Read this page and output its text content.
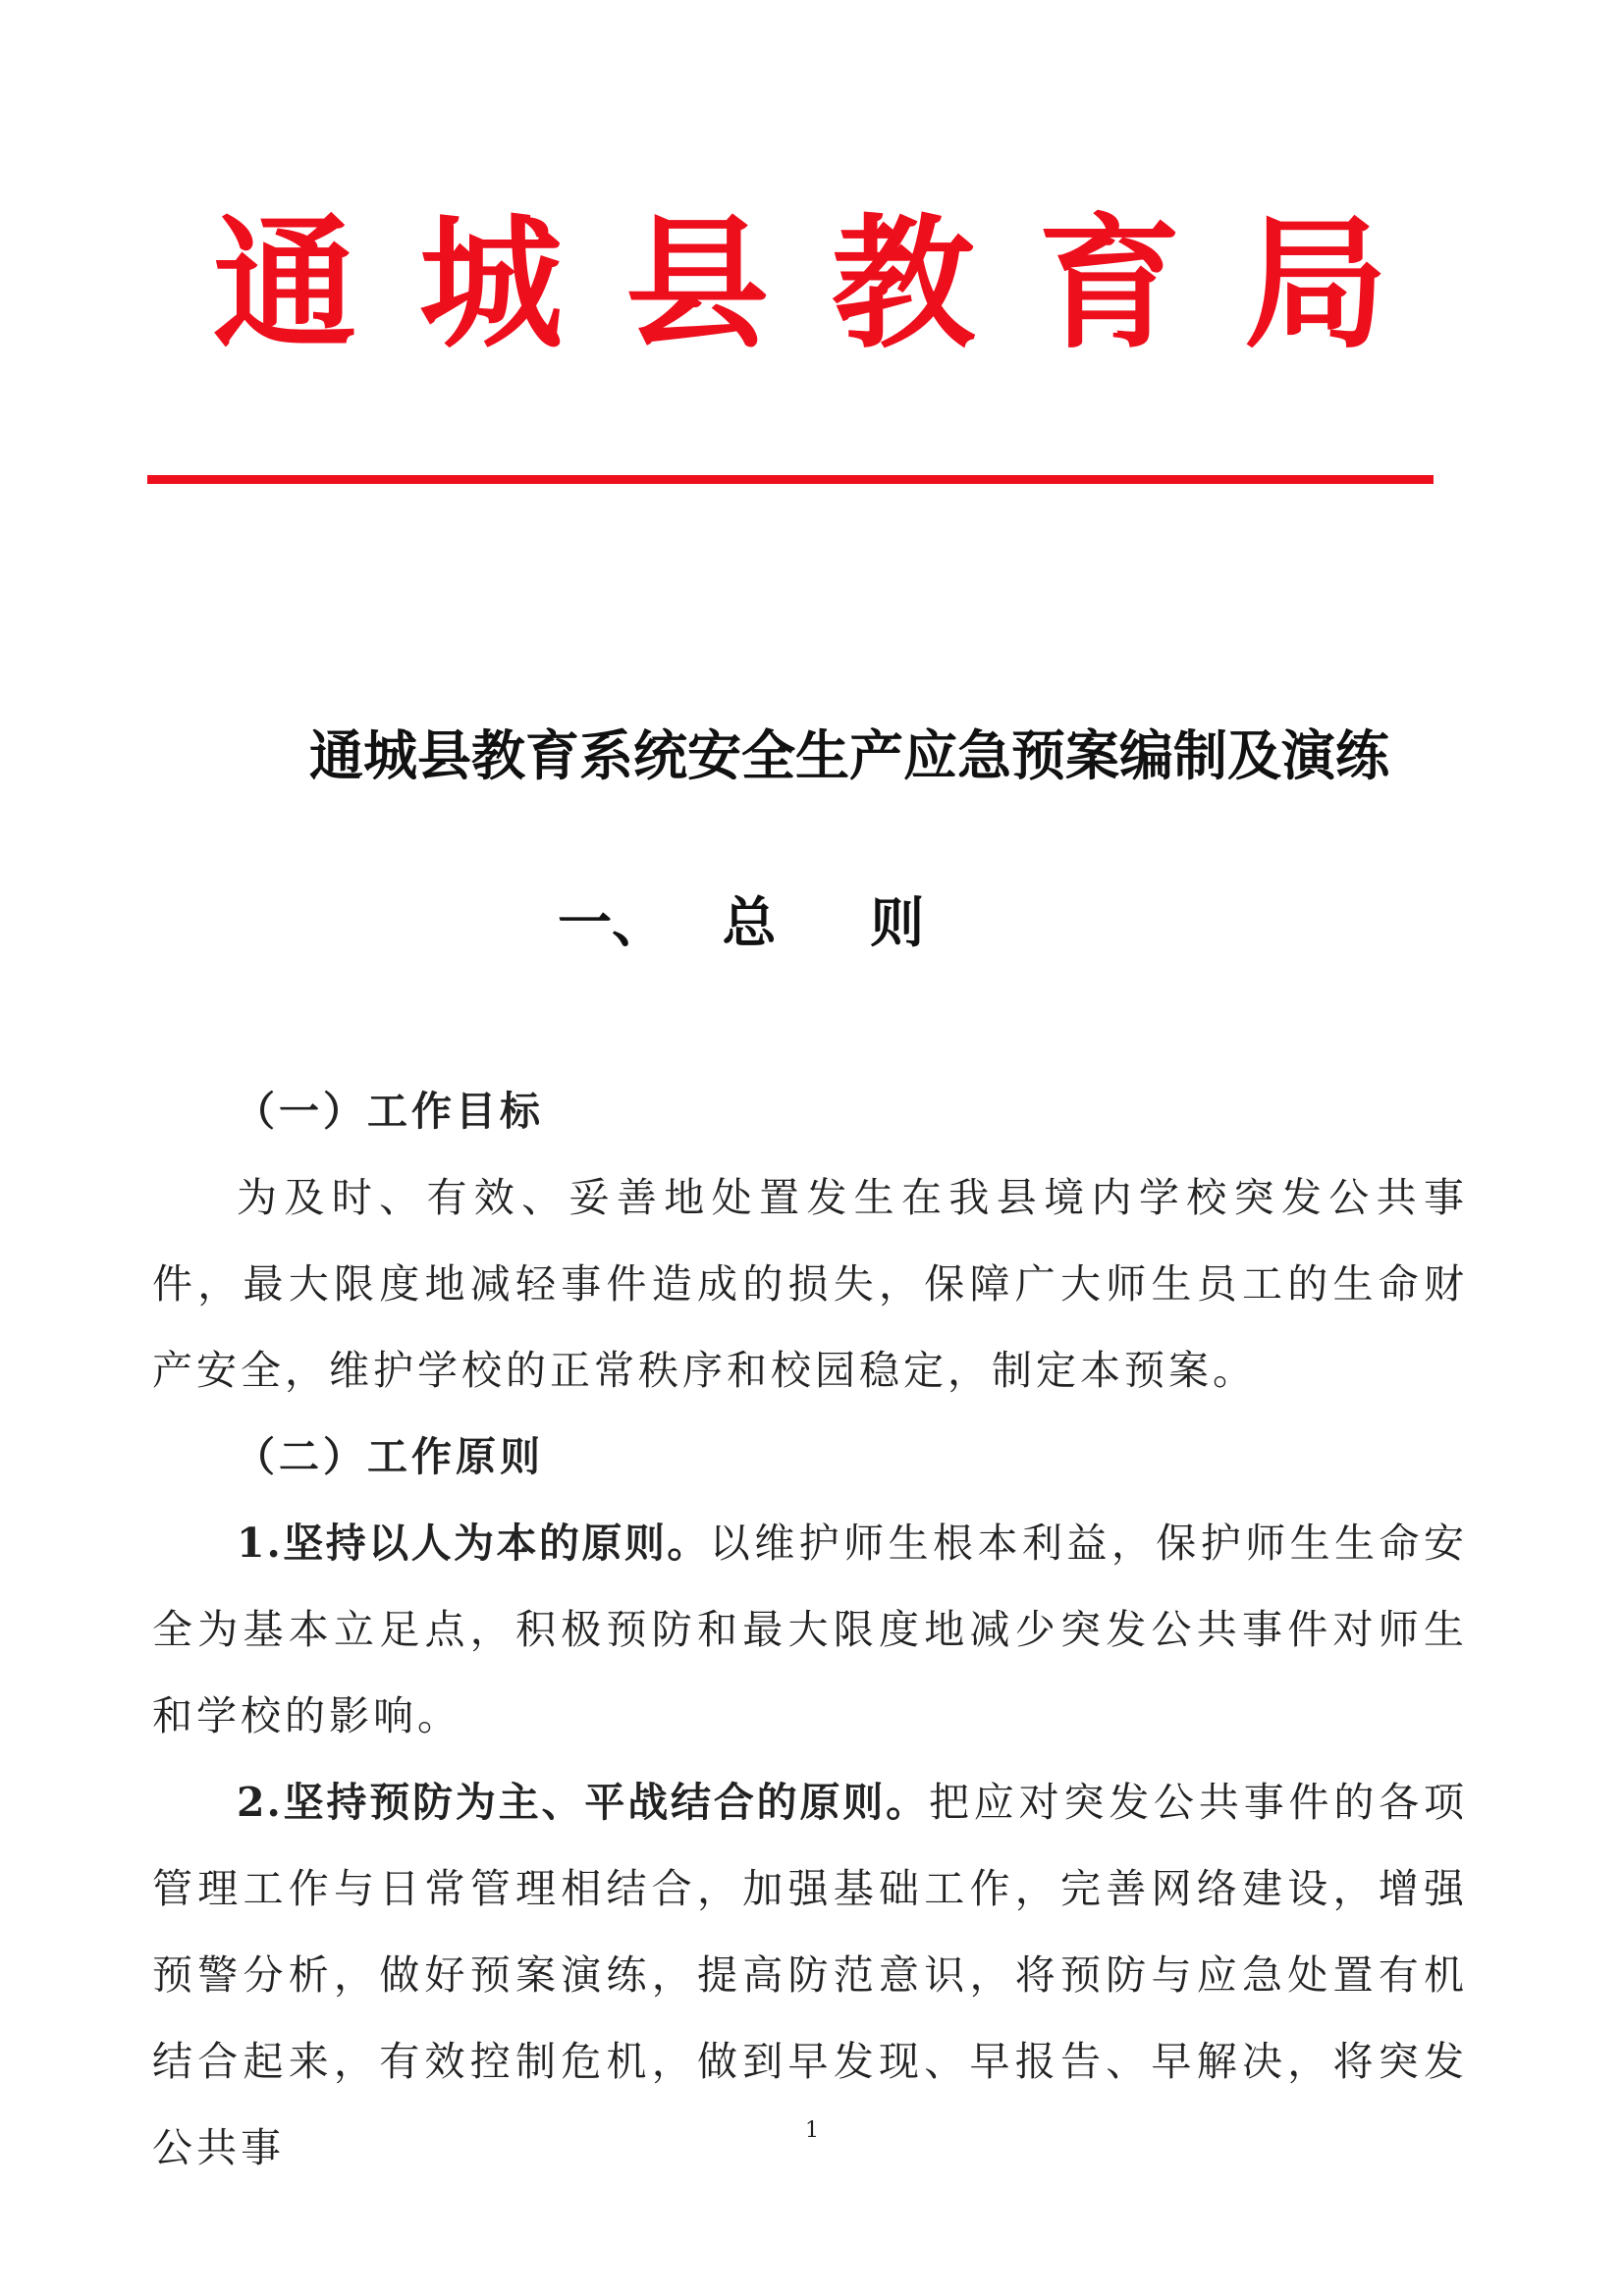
通城县教育局
通城县教育系统安全生产应急预案编制及演练
一、   总     则

（一）工作目标

为及时、有效、妥善地处置发生在我县境内学校突发公共事件，最大限度地减轻事件造成的损失，保障广大师生员工的生命财产安全，维护学校的正常秩序和校园稳定，制定本预案。

（二）工作原则

1.坚持以人为本的原则。以维护师生根本利益，保护师生生命安全为基本立足点，积极预防和最大限度地减少突发公共事件对师生和学校的影响。

2.坚持预防为主、平战结合的原则。把应对突发公共事件的各项管理工作与日常管理相结合，加强基础工作，完善网络建设，增强预警分析，做好预案演练，提高防范意识，将预防与应急处置有机结合起来，有效控制危机，做到早发现、早报告、早解决，将突发公共事	1
